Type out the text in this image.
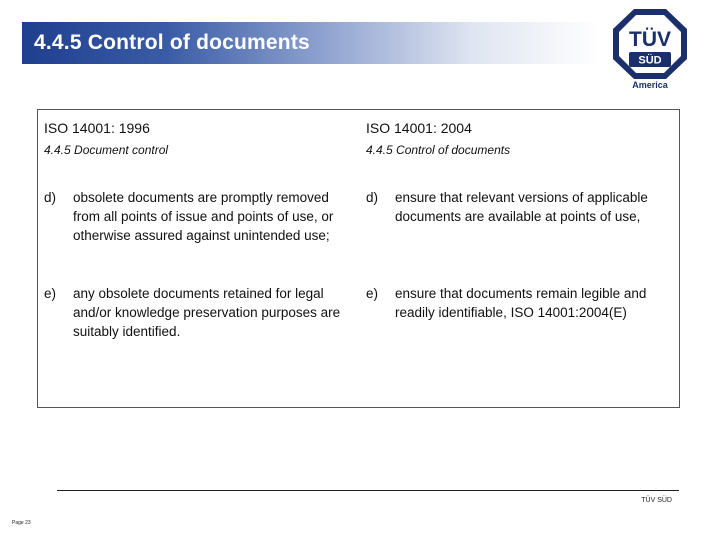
4.4.5 Control of documents	TÜV
SÜD
America
ISO 14001: 1996
4.4.5 Document control
d) obsolete documents are promptly removed from all points of issue and points of use, or otherwise assured against unintended use;
e) any obsolete documents retained for legal and/or knowledge preservation purposes are suitably identified.
ISO 14001: 2004
4.4.5 Control of documents
d) ensure that relevant versions of applicable documents are available at points of use,
e) ensure that documents remain legible and readily identifiable, ISO 14001:2004(E)
TÜV SÜD
Page 23
